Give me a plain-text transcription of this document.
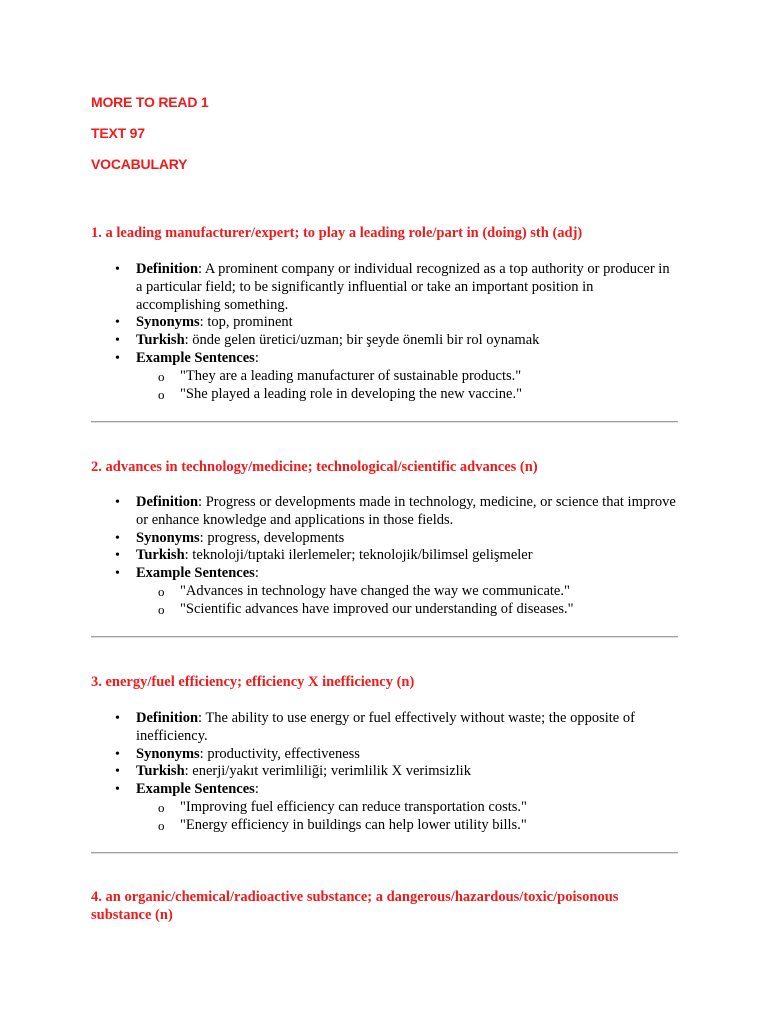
MORE TO READ 1
TEXT 97
VOCABULARY
1. a leading manufacturer/expert; to play a leading role/part in (doing) sth (adj)
• Definition: A prominent company or individual recognized as a top authority or producer in a particular field; to be significantly influential or take an important position in accomplishing something.
• Synonyms: top, prominent
• Turkish: önde gelen üretici/uzman; bir şeyde önemli bir rol oynamak
• Example Sentences:
o "They are a leading manufacturer of sustainable products."
o "She played a leading role in developing the new vaccine."
2. advances in technology/medicine; technological/scientific advances (n)
• Definition: Progress or developments made in technology, medicine, or science that improve or enhance knowledge and applications in those fields.
• Synonyms: progress, developments
• Turkish: teknoloji/tıptaki ilerlemeler; teknolojik/bilimsel gelişmeler
• Example Sentences:
o "Advances in technology have changed the way we communicate."
o "Scientific advances have improved our understanding of diseases."
3. energy/fuel efficiency; efficiency X inefficiency (n)
• Definition: The ability to use energy or fuel effectively without waste; the opposite of inefficiency.
• Synonyms: productivity, effectiveness
• Turkish: enerji/yakıt verimliliği; verimlilik X verimsizlik
• Example Sentences:
o "Improving fuel efficiency can reduce transportation costs."
o "Energy efficiency in buildings can help lower utility bills."
4. an organic/chemical/radioactive substance; a dangerous/hazardous/toxic/poisonous substance (n)
